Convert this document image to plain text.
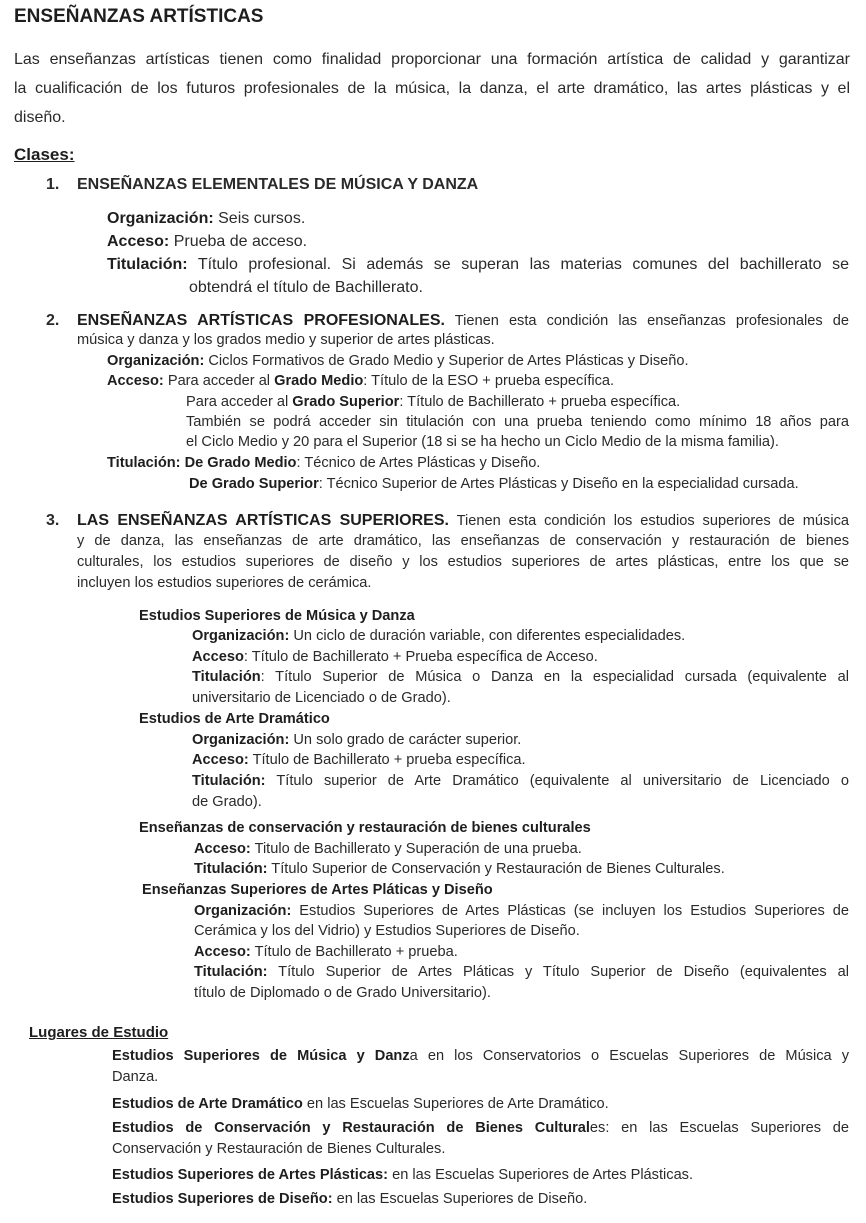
ENSEÑANZAS ARTÍSTICAS
Las enseñanzas artísticas tienen como finalidad proporcionar una formación artística de calidad y garantizar
la cualificación de los futuros profesionales de la música, la danza, el arte dramático, las artes plásticas y el
diseño.
Clases:
1. ENSEÑANZAS ELEMENTALES DE MÚSICA Y DANZA
Organización: Seis cursos.
Acceso: Prueba de acceso.
Titulación: Título profesional. Si además se superan las materias comunes del bachillerato se
obtendrá el título de Bachillerato.
2. ENSEÑANZAS ARTÍSTICAS PROFESIONALES. Tienen esta condición las enseñanzas profesionales de
música y danza y los grados medio y superior de artes plásticas.
Organización: Ciclos Formativos de Grado Medio y Superior de Artes Plásticas y Diseño.
Acceso: Para acceder al Grado Medio: Título de la ESO + prueba específica.
Para acceder al Grado Superior: Título de Bachillerato + prueba específica.
También se podrá acceder sin titulación con una prueba teniendo como mínimo 18 años para
el Ciclo Medio y 20 para el Superior (18 si se ha hecho un Ciclo Medio de la misma familia).
Titulación: De Grado Medio: Técnico de Artes Plásticas y Diseño.
De Grado Superior: Técnico Superior de Artes Plásticas y Diseño en la especialidad cursada.
3. LAS ENSEÑANZAS ARTÍSTICAS SUPERIORES. Tienen esta condición los estudios superiores de música
y de danza, las enseñanzas de arte dramático, las enseñanzas de conservación y restauración de bienes
culturales, los estudios superiores de diseño y los estudios superiores de artes plásticas, entre los que se
incluyen los estudios superiores de cerámica.
Estudios Superiores de Música y Danza
Organización: Un ciclo de duración variable, con diferentes especialidades.
Acceso: Título de Bachillerato + Prueba específica de Acceso.
Titulación: Título Superior de Música o Danza en la especialidad cursada (equivalente al
universitario de Licenciado o de Grado).
Estudios de Arte Dramático
Organización: Un solo grado de carácter superior.
Acceso: Título de Bachillerato + prueba específica.
Titulación: Título superior de Arte Dramático (equivalente al universitario de Licenciado o
de Grado).
Enseñanzas de conservación y restauración de bienes culturales
Acceso: Titulo de Bachillerato y Superación de una prueba.
Titulación: Título Superior de Conservación y Restauración de Bienes Culturales.
Enseñanzas Superiores de Artes Pláticas y Diseño
Organización: Estudios Superiores de Artes Plásticas (se incluyen los Estudios Superiores de
Cerámica y los del Vidrio) y Estudios Superiores de Diseño.
Acceso: Título de Bachillerato + prueba.
Titulación: Título Superior de Artes Pláticas y Título Superior de Diseño (equivalentes al
título de Diplomado o de Grado Universitario).
Lugares de Estudio
Estudios Superiores de Música y Danza en los Conservatorios o Escuelas Superiores de Música y
Danza.
Estudios de Arte Dramático en las Escuelas Superiores de Arte Dramático.
Estudios de Conservación y Restauración de Bienes Culturales: en las Escuelas Superiores de
Conservación y Restauración de Bienes Culturales.
Estudios Superiores de Artes Plásticas: en las Escuelas Superiores de Artes Plásticas.
Estudios Superiores de Diseño: en las Escuelas Superiores de Diseño.
